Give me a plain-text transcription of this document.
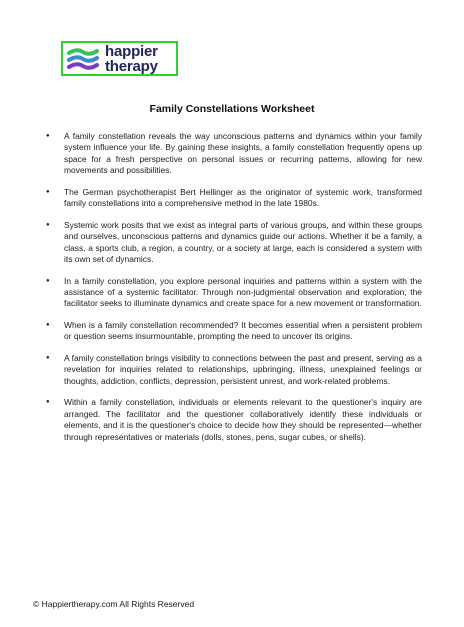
happier
therapy
Family Constellations Worksheet
● A family constellation reveals the way unconscious patterns and dynamics within your family system influence your life. By gaining these insights, a family constellation frequently opens up space for a fresh perspective on personal issues or recurring patterns, allowing for new movements and possibilities.
● The German psychotherapist Bert Hellinger as the originator of systemic work, transformed family constellations into a comprehensive method in the late 1980s.
● Systemic work posits that we exist as integral parts of various groups, and within these groups and ourselves, unconscious patterns and dynamics guide our actions. Whether it be a family, a class, a sports club, a region, a country, or a society at large, each is considered a system with its own set of dynamics.
● In a family constellation, you explore personal inquiries and patterns within a system with the assistance of a systemic facilitator. Through non-judgmental observation and exploration, the facilitator seeks to illuminate dynamics and create space for a new movement or transformation.
● When is a family constellation recommended? It becomes essential when a persistent problem or question seems insurmountable, prompting the need to uncover its origins.
● A family constellation brings visibility to connections between the past and present, serving as a revelation for inquiries related to relationships, upbringing, illness, unexplained feelings or thoughts, addiction, conflicts, depression, persistent unrest, and work-related problems.
● Within a family constellation, individuals or elements relevant to the questioner's inquiry are arranged. The facilitator and the questioner collaboratively identify these individuals or elements, and it is the questioner's choice to decide how they should be represented—whether through representatives or materials (dolls, stones, pens, sugar cubes, or shells).
© Happiertherapy.com All Rights Reserved
